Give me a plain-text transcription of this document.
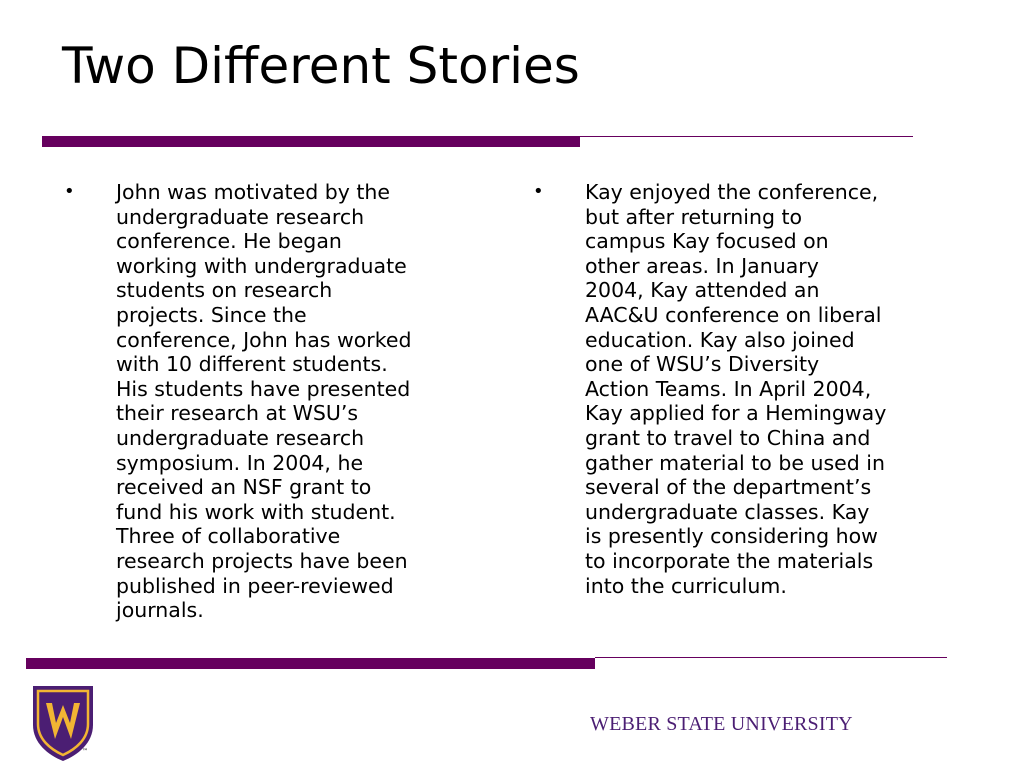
Two Different Stories
• John was motivated by the
undergraduate research
conference. He began
working with undergraduate
students on research
projects. Since the
conference, John has worked
with 10 different students.
His students have presented
their research at WSU’s
undergraduate research
symposium. In 2004, he
received an NSF grant to
fund his work with student.
Three of collaborative
research projects have been
published in peer-reviewed
journals.
• Kay enjoyed the conference,
but after returning to
campus Kay focused on
other areas. In January
2004, Kay attended an
AAC&U conference on liberal
education. Kay also joined
one of WSU’s Diversity
Action Teams. In April 2004,
Kay applied for a Hemingway
grant to travel to China and
gather material to be used in
several of the department’s
undergraduate classes. Kay
is presently considering how
to incorporate the materials
into the curriculum.
™
WEBER STATE UNIVERSITY
